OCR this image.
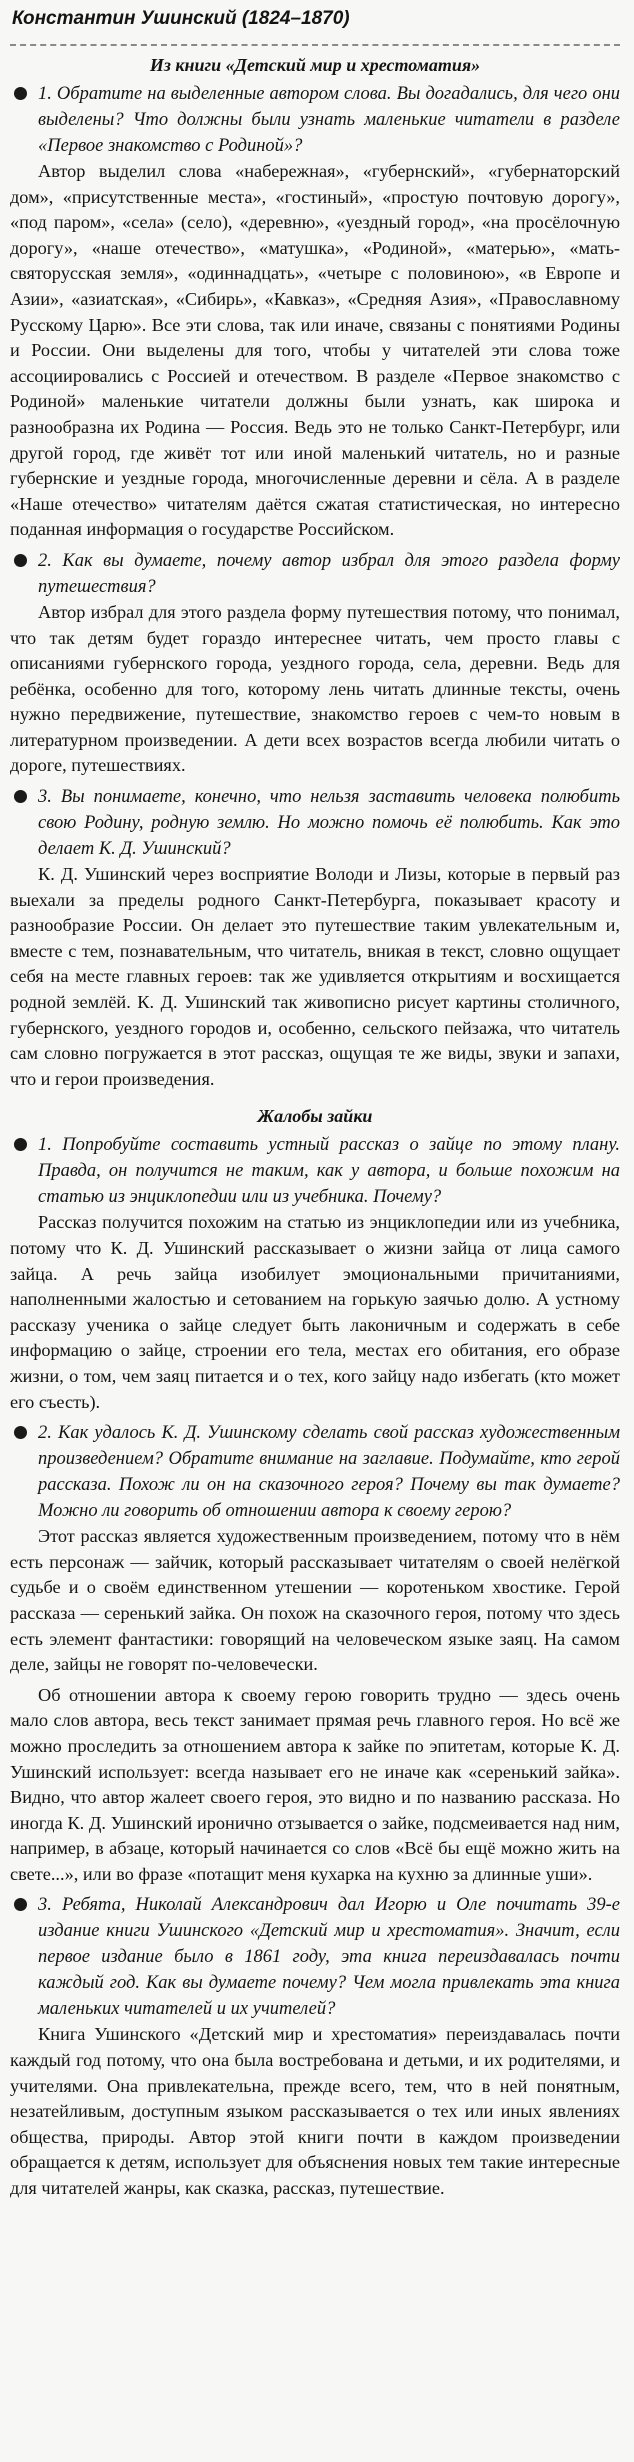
Константин Ушинский (1824–1870)
Из книги «Детский мир и хрестоматия»
1. Обратите на выделенные автором слова. Вы догадались, для чего они выделены? Что должны были узнать маленькие читатели в разделе «Первое знакомство с Родиной»?

Автор выделил слова «набережная», «губернский», «губернаторский дом», «присутственные места», «гостиный», «простую почтовую дорогу», «под паром», «села» (село), «деревню», «уездный город», «на просёлочную дорогу», «наше отечество», «матушка», «Родиной», «матерью», «мать-святорусская земля», «одиннадцать», «четыре с половиною», «в Европе и Азии», «азиатская», «Сибирь», «Кавказ», «Средняя Азия», «Православному Русскому Царю». Все эти слова, так или иначе, связаны с понятиями Родины и России. Они выделены для того, чтобы у читателей эти слова тоже ассоциировались с Россией и отечеством. В разделе «Первое знакомство с Родиной» маленькие читатели должны были узнать, как широка и разнообразна их Родина — Россия. Ведь это не только Санкт-Петербург, или другой город, где живёт тот или иной маленький читатель, но и разные губернские и уездные города, многочисленные деревни и сёла. А в разделе «Наше отечество» читателям даётся сжатая статистическая, но интересно поданная информация о государстве Российском.

2. Как вы думаете, почему автор избрал для этого раздела форму путешествия?

Автор избрал для этого раздела форму путешествия потому, что понимал, что так детям будет гораздо интереснее читать, чем просто главы с описаниями губернского города, уездного города, села, деревни. Ведь для ребёнка, особенно для того, которому лень читать длинные тексты, очень нужно передвижение, путешествие, знакомство героев с чем-то новым в литературном произведении. А дети всех возрастов всегда любили читать о дороге, путешествиях.

3. Вы понимаете, конечно, что нельзя заставить человека полюбить свою Родину, родную землю. Но можно помочь её полюбить. Как это делает К. Д. Ушинский?

К. Д. Ушинский через восприятие Володи и Лизы, которые в первый раз выехали за пределы родного Санкт-Петербурга, показывает красоту и разнообразие России. Он делает это путешествие таким увлекательным и, вместе с тем, познавательным, что читатель, вникая в текст, словно ощущает себя на месте главных героев: так же удивляется открытиям и восхищается родной землёй. К. Д. Ушинский так живописно рисует картины столичного, губернского, уездного городов и, особенно, сельского пейзажа, что читатель сам словно погружается в этот рассказ, ощущая те же виды, звуки и запахи, что и герои произведения.

Жалобы зайки
1. Попробуйте составить устный рассказ о зайце по этому плану. Правда, он получится не таким, как у автора, и больше похожим на статью из энциклопедии или из учебника. Почему?

Рассказ получится похожим на статью из энциклопедии или из учебника, потому что К. Д. Ушинский рассказывает о жизни зайца от лица самого зайца. А речь зайца изобилует эмоциональными причитаниями, наполненными жалостью и сетованием на горькую заячью долю. А устному рассказу ученика о зайце следует быть лаконичным и содержать в себе информацию о зайце, строении его тела, местах его обитания, его образе жизни, о том, чем заяц питается и о тех, кого зайцу надо избегать (кто может его съесть).

2. Как удалось К. Д. Ушинскому сделать свой рассказ художественным произведением? Обратите внимание на заглавие. Подумайте, кто герой рассказа. Похож ли он на сказочного героя? Почему вы так думаете? Можно ли говорить об отношении автора к своему герою?

Этот рассказ является художественным произведением, потому что в нём есть персонаж — зайчик, который рассказывает читателям о своей нелёгкой судьбе и о своём единственном утешении — коротеньком хвостике. Герой рассказа — серенький зайка. Он похож на сказочного героя, потому что здесь есть элемент фантастики: говорящий на человеческом языке заяц. На самом деле, зайцы не говорят по-человечески.

Об отношении автора к своему герою говорить трудно — здесь очень мало слов автора, весь текст занимает прямая речь главного героя. Но всё же можно проследить за отношением автора к зайке по эпитетам, которые К. Д. Ушинский использует: всегда называет его не иначе как «серенький зайка». Видно, что автор жалеет своего героя, это видно и по названию рассказа. Но иногда К. Д. Ушинский иронично отзывается о зайке, подсмеивается над ним, например, в абзаце, который начинается со слов «Всё бы ещё можно жить на свете...», или во фразе «потащит меня кухарка на кухню за длинные уши».

3. Ребята, Николай Александрович дал Игорю и Оле почитать 39-е издание книги Ушинского «Детский мир и хрестоматия». Значит, если первое издание было в 1861 году, эта книга переиздавалась почти каждый год. Как вы думаете почему? Чем могла привлекать эта книга маленьких читателей и их учителей?

Книга Ушинского «Детский мир и хрестоматия» переиздавалась почти каждый год потому, что она была востребована и детьми, и их родителями, и учителями. Она привлекательна, прежде всего, тем, что в ней понятным, незатейливым, доступным языком рассказывается о тех или иных явлениях общества, природы. Автор этой книги почти в каждом произведении обращается к детям, использует для объяснения новых тем такие интересные для читателей жанры, как сказка, рассказ, путешествие.
